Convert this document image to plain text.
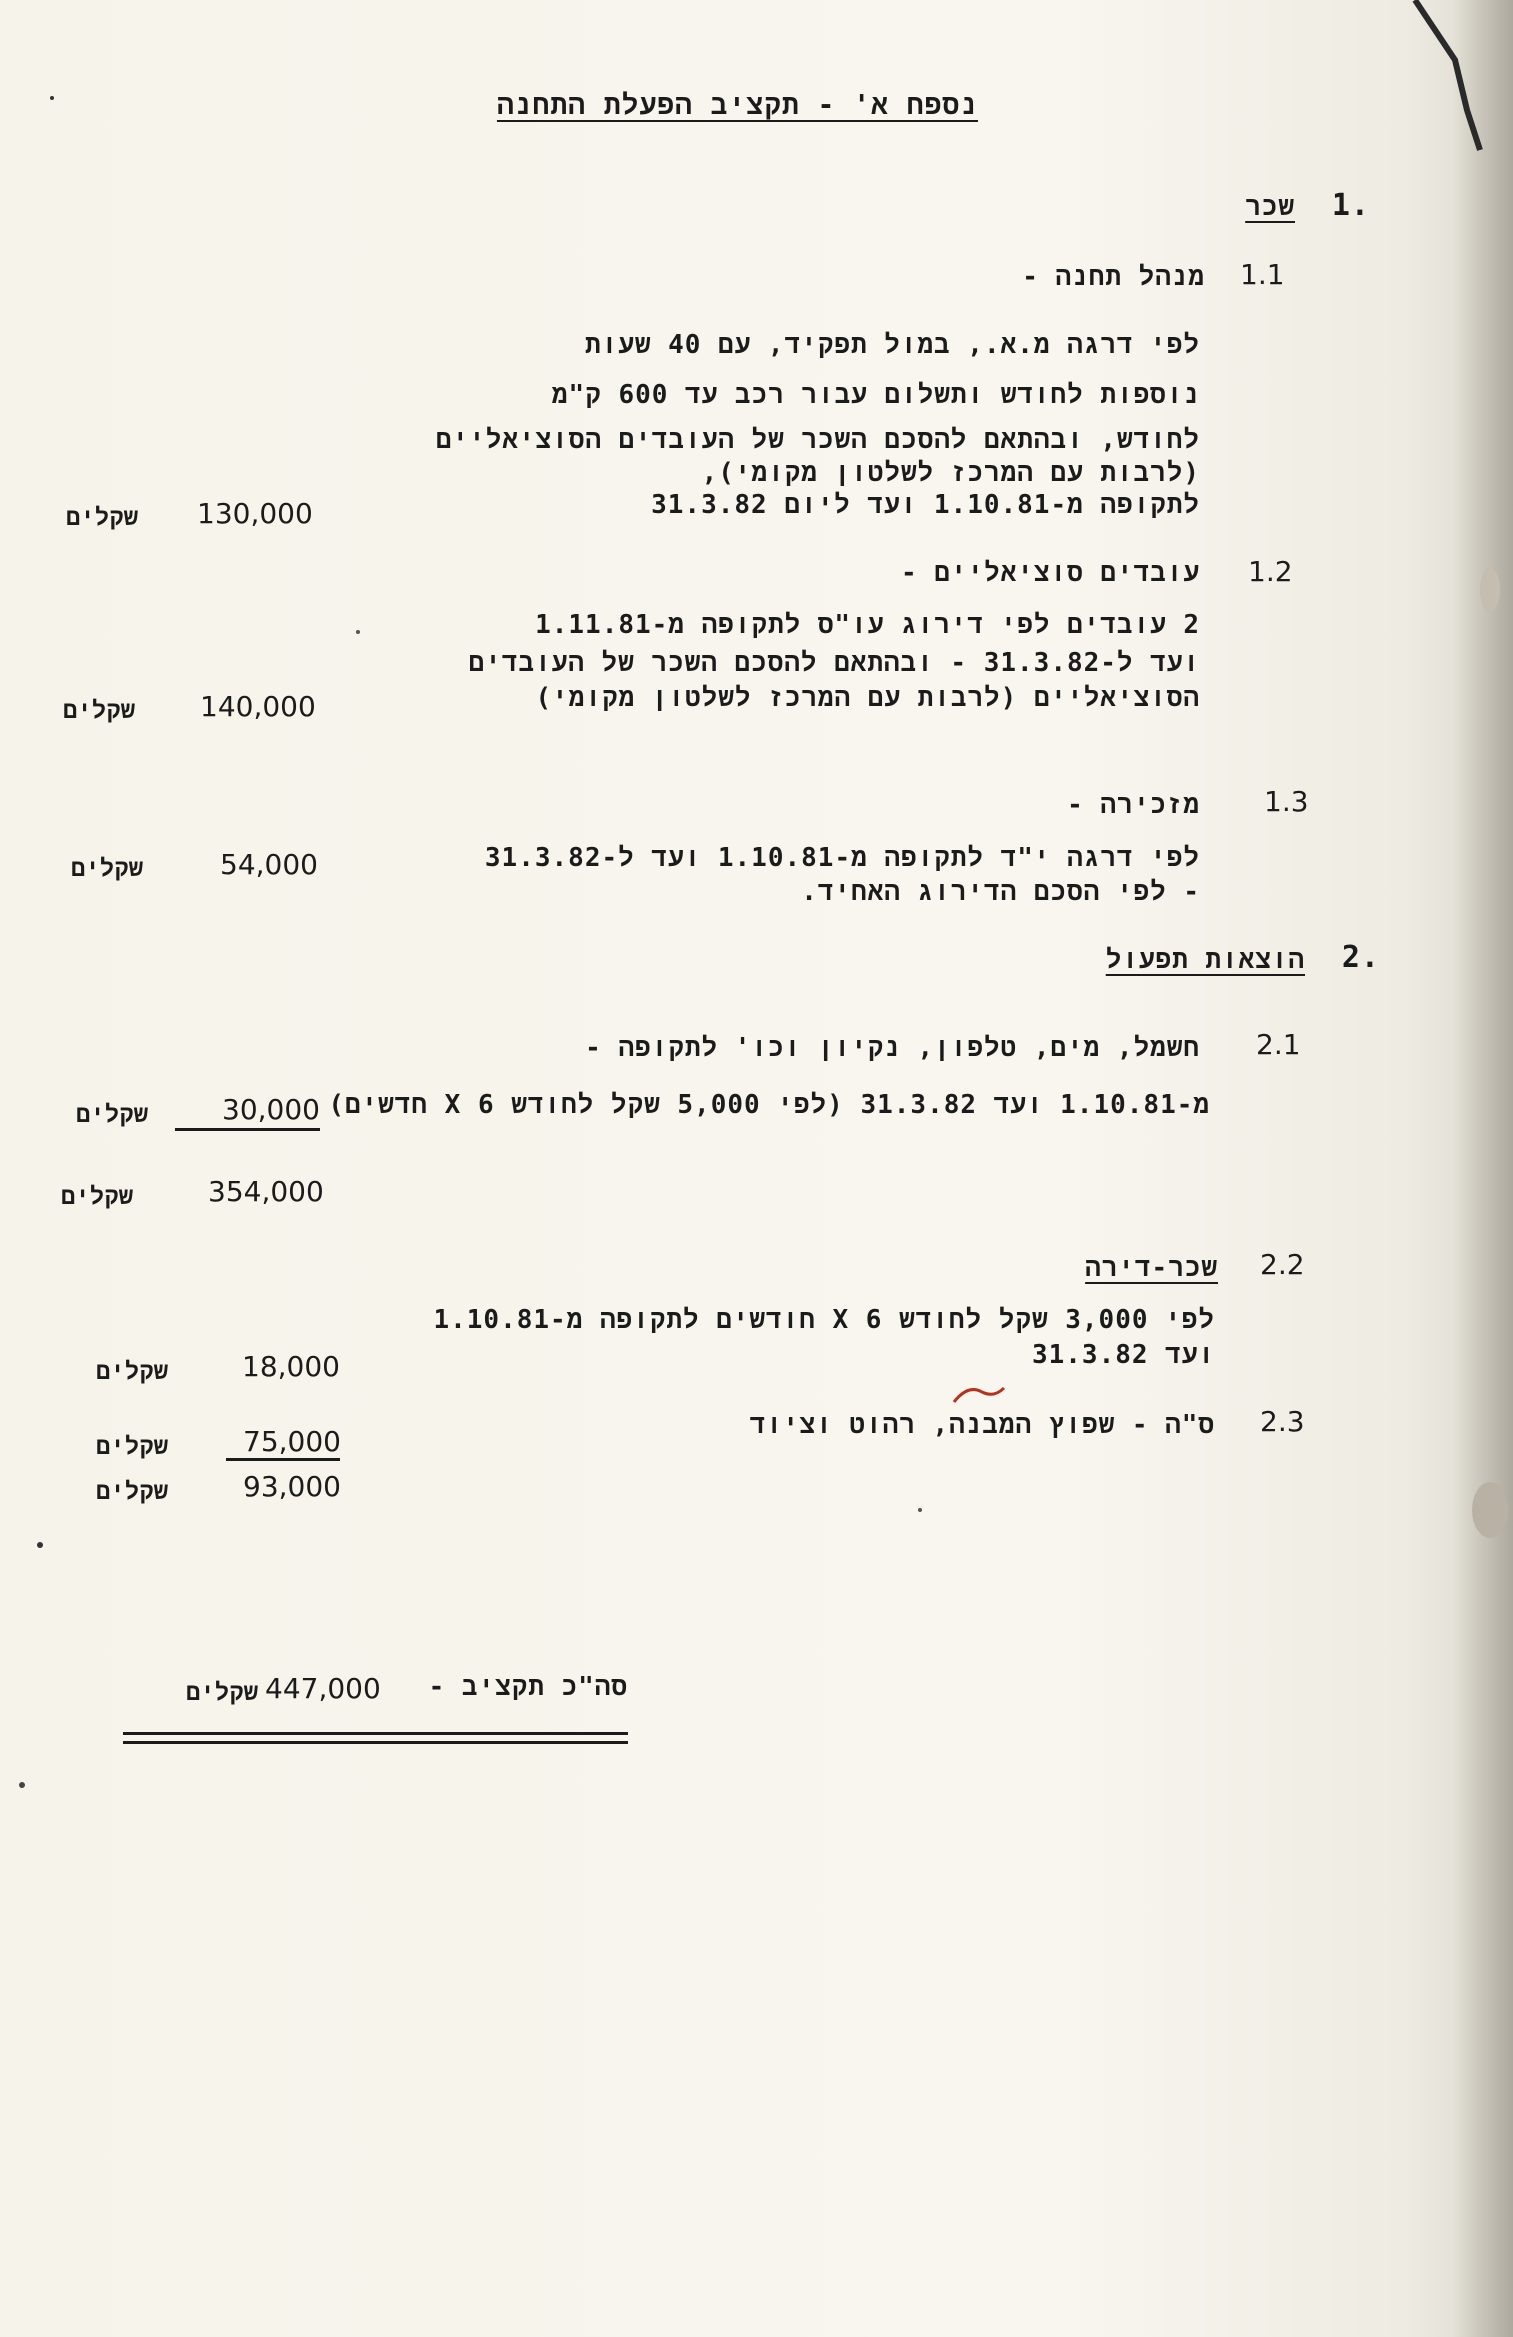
נספח א' - תקציב הפעלת התחנה
1.
שכר
1.1
מנהל תחנה -
לפי דרגה מ.א., במול תפקיד, עם 40 שעות
נוספות לחודש ותשלום עבור רכב עד 600 ק"מ
לחודש, ובהתאם להסכם השכר של העובדים הסוציאליים
(לרבות עם המרכז לשלטון מקומי),
לתקופה מ-1.10.81 ועד ליום 31.3.82
130,000
שקלים
1.2
עובדים סוציאליים -
2 עובדים לפי דירוג עו"ס לתקופה מ-1.11.81
ועד ל-31.3.82 - ובהתאם להסכם השכר של העובדים
הסוציאליים (לרבות עם המרכז לשלטון מקומי)
140,000
שקלים
1.3
מזכירה -
לפי דרגה י"ד לתקופה מ-1.10.81 ועד ל-31.3.82
- לפי הסכם הדירוג האחיד.
54,000
שקלים
2.
הוצאות תפעול
2.1
חשמל, מים, טלפון, נקיון וכו' לתקופה -
מ-1.10.81 ועד 31.3.82 (לפי 5,000 שקל לחודש X 6 חדשים)
30,000
שקלים
354,000
שקלים
2.2
שכר-דירה
לפי 3,000 שקל לחודש X 6 חודשים לתקופה מ-1.10.81
ועד 31.3.82
18,000
שקלים
2.3
ס"ה - שפוץ המבנה, רהוט וציוד
75,000
שקלים
93,000
שקלים
סה"כ תקציב -
447,000
שקלים
